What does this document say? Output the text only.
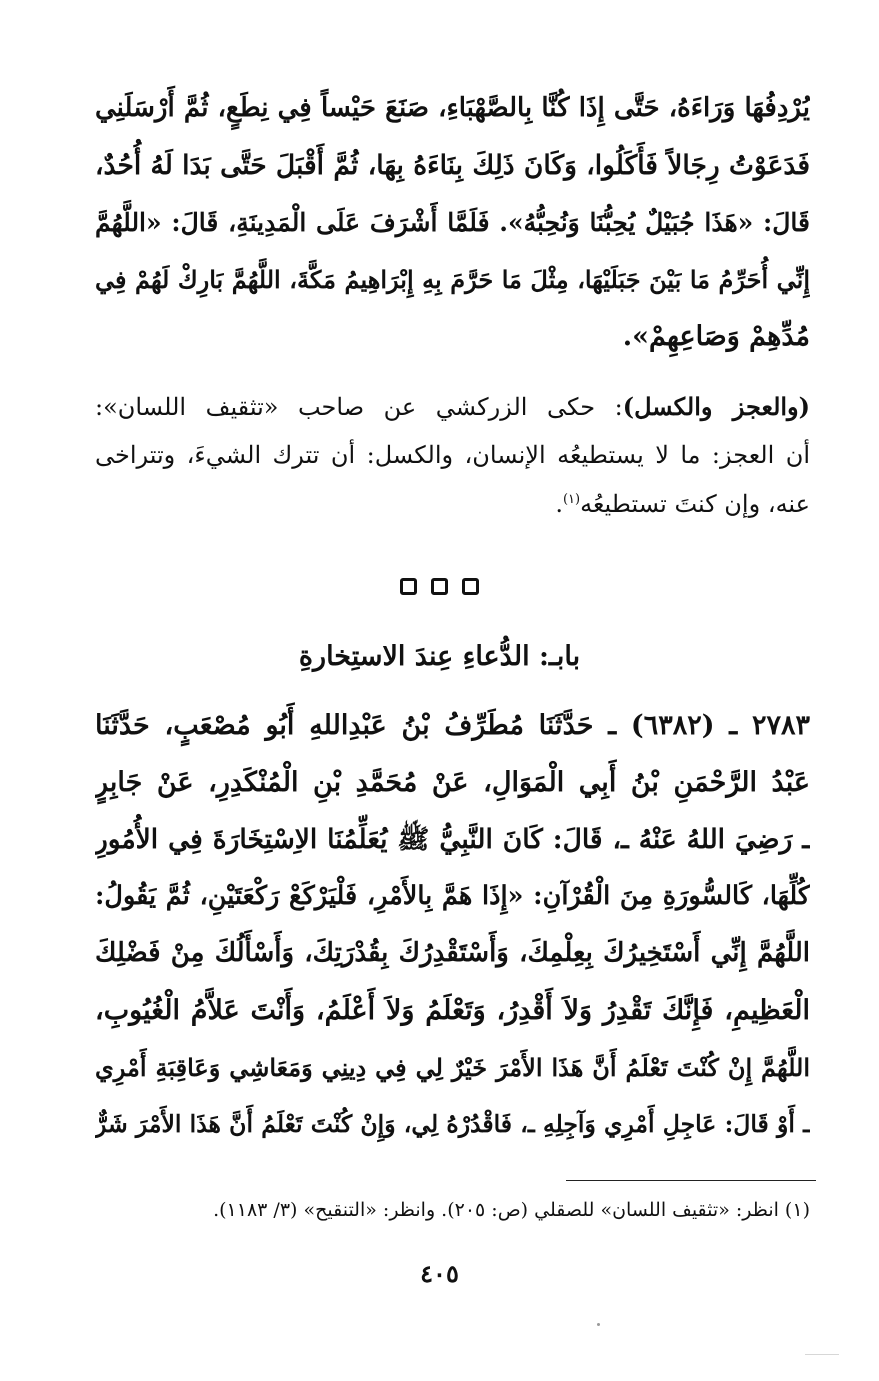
يُرْدِفُهَا وَرَاءَهُ، حَتَّى إِذَا كُنَّا بِالصَّهْبَاءِ، صَنَعَ حَيْساً فِي نِطَعٍ، ثُمَّ أَرْسَلَنِي
فَدَعَوْتُ رِجَالاً فَأَكَلُوا، وَكَانَ ذَلِكَ بِنَاءَهُ بِهَا، ثُمَّ أَقْبَلَ حَتَّى بَدَا لَهُ أُحُدٌ،
قَالَ: «هَذَا جُبَيْلٌ يُحِبُّنَا وَنُحِبُّهُ». فَلَمَّا أَشْرَفَ عَلَى الْمَدِينَةِ، قَالَ: «اللَّهُمَّ
إِنِّي أُحَرِّمُ مَا بَيْنَ جَبَلَيْهَا، مِثْلَ مَا حَرَّمَ بِهِ إِبْرَاهِيمُ مَكَّةَ، اللَّهُمَّ بَارِكْ لَهُمْ فِي
مُدِّهِمْ وَصَاعِهِمْ».
(والعجز والكسل): حكى الزركشي عن صاحب «تثقيف اللسان»:
أن العجز: ما لا يستطيعُه الإنسان، والكسل: أن تترك الشيءَ، وتتراخى
عنه، وإن كنتَ تستطيعُه$^{(١)}$.
بابـ: الدُّعاءِ عِندَ الاستِخارةِ
٢٧٨٣ ـ (٦٣٨٢) ـ حَدَّثَنَا مُطَرِّفُ بْنُ عَبْدِاللهِ أَبُو مُصْعَبٍ، حَدَّثَنَا
عَبْدُ الرَّحْمَنِ بْنُ أَبِي الْمَوَالِ، عَنْ مُحَمَّدِ بْنِ الْمُنْكَدِرِ، عَنْ جَابِرٍ
ـ رَضِيَ اللهُ عَنْهُ ـ، قَالَ: كَانَ النَّبِيُّ ﷺ يُعَلِّمُنَا الاِسْتِخَارَةَ فِي الأُمُورِ
كُلِّهَا، كَالسُّورَةِ مِنَ الْقُرْآنِ: «إِذَا هَمَّ بِالأَمْرِ، فَلْيَرْكَعْ رَكْعَتَيْنِ، ثُمَّ يَقُولُ:
اللَّهُمَّ إِنِّي أَسْتَخِيرُكَ بِعِلْمِكَ، وَأَسْتَقْدِرُكَ بِقُدْرَتِكَ، وَأَسْأَلُكَ مِنْ فَضْلِكَ
الْعَظِيمِ، فَإِنَّكَ تَقْدِرُ وَلاَ أَقْدِرُ، وَتَعْلَمُ وَلاَ أَعْلَمُ، وَأَنْتَ عَلاَّمُ الْغُيُوبِ،
اللَّهُمَّ إِنْ كُنْتَ تَعْلَمُ أَنَّ هَذَا الأَمْرَ خَيْرٌ لِي فِي دِينِي وَمَعَاشِي وَعَاقِبَةِ أَمْرِي
ـ أَوْ قَالَ: عَاجِلِ أَمْرِي وَآجِلِهِ ـ، فَاقْدُرْهُ لِي، وَإِنْ كُنْتَ تَعْلَمُ أَنَّ هَذَا الأَمْرَ شَرٌّ
(١) انظر: «تثقيف اللسان» للصقلي (ص: ٢٠٥). وانظر: «التنقيح» (٣/ ١١٨٣).
٤٠٥
